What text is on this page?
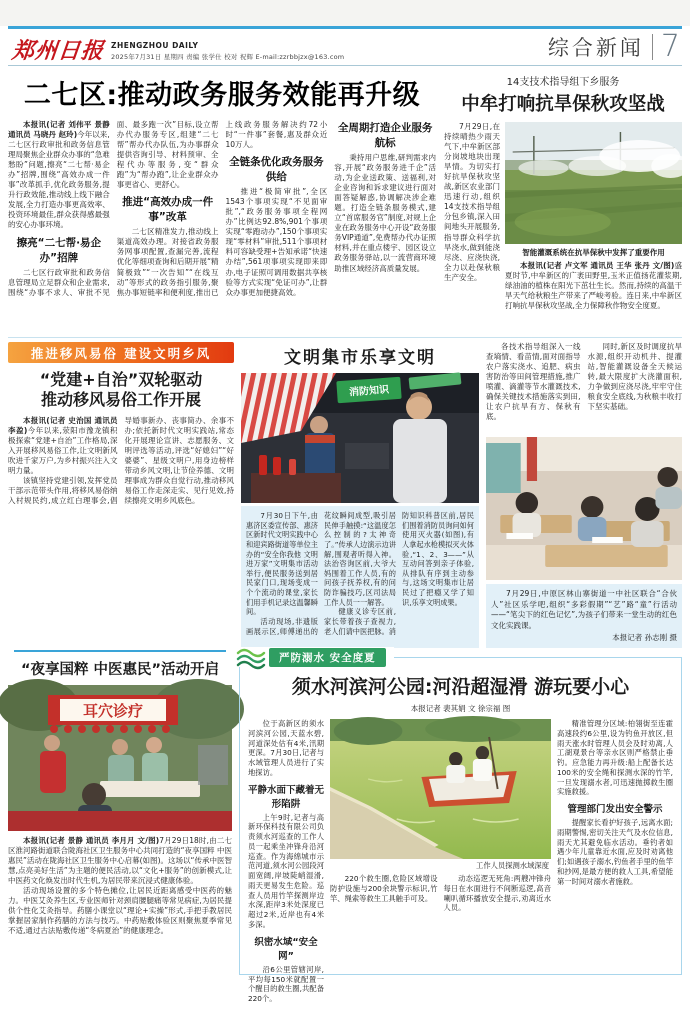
郑州日报 ZHENGZHOU DAILY
2025年7月31日 星期四 责编 张学仕 校对 祝辉 E-mail:zzrbbjzx@163.com	综合新闻 7
二七区:推动政务服务效能再升级

本报讯(记者 刘伟平 景静 通讯员 马晓丹 赵玲)今年以来,二七区行政审批和政务信息管理局聚焦企业群众办事的“急难愁盼”问题,擦亮“二七帮·易企办”招牌,围绕“高效办成一件事”改革抓手,优化政务服务,提升行政效能,推动线上线下融合发展,全力打造办事更高效率、投资环境最佳,群众获得感最强的安心办事环境。

擦亮“二七帮·易企办”招牌

二七区行政审批和政务信息管理局立足群众和企业需求,围绕“办事不求人、审批不见面、最多跑一次”目标,设立帮办代办服务专区,组建“二七帮”帮办代办队伍,为办事群众提供咨询引导、材料预审、全程代办等服务,变“群众跑”为“帮办跑”,让企业群众办事更省心、更舒心。

推进“高效办成一件事”改革

二七区精准发力,推动线上渠道高效办理。对接省政务服务网事项配置,查漏完善,流程优化等细项查询和后期开展“精简极致”“一次告知”“在线互动”等形式的政务指引服务,聚焦办事短链率和便利度,推出已上线政务服务解决约72小时“一件事”套餐,惠及群众近10万人。

全链条优化政务服务供给

推进“极简审批”,全区1543个事项实现“不见面审批”,“政务服务事项全程网办”比例达92.8%,901个事项实现“零跑动办”,150个事项实现“零材料”审批,511个事项材料可容缺受理+告知承诺“快速办结”,561项事项实现即来即办,电子证照可调用数据共享核验等方式实现“免证可办”,让群众办事更加便捷高效。

全周期打造企业服务航标

秉持用户思维,研判需求内容,开展“政务服务进千企”活动,为企业送政策、送福利,对企业咨询和诉求建议进行面对面答疑解惑,协调解决涉企难题。打造全链条服务模式,建立“首席服务官”制度,对规上企业在政务服务中心开设“政务服务VIP通道”,免费帮办代办证照材料,并在重点楼宇、园区设立政务服务驿站,以一流营商环境助推区域经济高质量发展。

14支技术指导组下乡服务
中牟打响抗旱保秋攻坚战

7月29日,在持续晴热少雨天气下,中牟新区部分岗坡地块出现旱情。为切实打好抗旱保秋攻坚战,新区农业部门迅速行动,组织14支技术指导组分包乡镇,深入田间地头开展服务,指导群众科学抗旱浇水,做到能浇尽浇、应浇快浇,全力以赴保秋粮生产安全。

智能灌溉系统在抗旱保秋中发挥了重要作用

本报讯(记者 卢文军 通讯员 王华 张丹 文/图)盛夏时节,中牟新区的广袤田野里,玉米正值扬花灌浆期,绿油油的植株在阳光下茁壮生长。然而,持续的高温干旱天气给秋粮生产带来了严峻考验。连日来,中牟新区打响抗旱保秋攻坚战,全力保障秋作物安全度夏。

推进移风易俗 建设文明乡风
“党建+自治”双轮驱动
推动移风易俗工作开展

本报讯(记者 史治国 通讯员 李盈)今年以来,荥阳市豫龙镇积极探索“党建+自治”工作格局,深入开展移风易俗工作,让文明新风吹进千家万户,为乡村振兴注入文明力量。

该镇坚持党建引领,发挥党员干部示范带头作用,将移风易俗纳入村规民约,成立红白理事会,倡导婚事新办、丧事简办、余事不办;依托新时代文明实践站,常态化开展理论宣讲、志愿服务、文明评选等活动,评选“好媳妇”“好婆婆”、星级文明户,用身边榜样带动乡风文明,让节俭养德、文明理事成为群众自觉行动,推动移风易俗工作走深走实、见行见效,持续擦亮文明乡风底色。

文明集市乐享文明
消防知识

7月30日下午,由惠济区委宣传部、惠济区新时代文明实践中心和迎宾路街道等单位主办的“安全你我他 文明进万家”文明集市活动举行,便民服务送到居民家门口,现场变成一个个流动的课堂,家长们用手机记录这温馨瞬间。

活动现场,非遗版画展示区,师傅递出的花纹瞬间成型,吸引居民伸手触摸:“这温度怎么控制的?太神奇了。”传承人边演示边讲解,围观者听得入神。法治咨询区前,大爷大妈围着工作人员,有的问孩子抚养权,有的问防诈骗技巧,区司法局工作人员一一解答。

健康义诊专区前,家长带着孩子查视力,老人们请中医把脉。消防知识科普区前,居民们围着消防员询问如何使用灭火器(如图),有人拿起水枪模拟灭火体验,“1、2、3——”从互动问答到亲子体验,从排队有序到主动参与,这场文明集市让居民过了把瘾又学了知识,乐享文明成果。

各技术指导组深入一线查墒情、看苗情,面对面指导农户落实浇水、追肥、病虫害防治等田间管理措施,推广喷灌、滴灌等节水灌溉技术,确保关键技术措施落实到田,让农户抗旱有方、保秋有底。

同时,新区及时调度抗旱水源,组织开动机井、提灌站,智能灌溉设备全天候运转,最大限度扩大浇灌面积,力争做到应浇尽浇,牢牢守住粮食安全底线,为秋粮丰收打下坚实基础。

7月29日,中原区林山寨街道一中社区联合“合伙人”社区乐学吧,组织“多彩假期”“艺”路“童”行活动——“笔尖下的红色记忆”,为孩子们带来一堂生动的红色文化实践课。

本报记者 孙志刚 摄
“夜享国粹 中医惠民”活动开启
耳穴诊疗

本报讯(记者 景静 通讯员 李月月 文/图)7月29日18时,由二七区淮河路街道联合陇海社区卫生服务中心共同打造的“夜享国粹 中医惠民”活动在陇海社区卫生服务中心启幕(如图)。这场以“传承中医智慧,点亮美好生活”为主题的便民活动,以“文化+服务”的创新模式,让中医药文化焕发出时代生机,为居民带来沉浸式健康体验。

活动现场设置的多个特色摊位,让居民近距离感受中医药的魅力。中医艾灸养生区,专业医师针对颈肩腰腿痛等常见病症,为居民提供个性化艾灸指导。药膳小课堂以“理论+实操”形式,手把手教居民掌握居家制作药膳的方法与技巧。中药贴敷体验区则聚焦夏季常见不适,通过古法贴敷传递“冬病夏治”的健康理念。

严防溺水 安全度夏
须水河滨河公园:河沿超湿滑 游玩要小心
本报记者 裴其娟 文 徐宗福 图

位于高新区的须水河滨河公园,天蓝水碧,河道深处估有4米,汛期更深。7月30日,记者与水域管理人员进行了实地探访。

平静水面下藏着无形陷阱

上午9时,记者与高新环保科技有限公司负责须水河巡查的工作人员一起乘坐冲锋舟沿河巡查。作为海绵城市示范河道,须水河公园段河面宽阔,岸坡陡峭湿滑,雨天更易发生危险。巡查人员用竹竿探测岸边水深,距岸3米处深度已超过2米,近岸也有4米多深。

织密水域“安全网”

沿6公里管辖河岸,平均每150米就配置一个醒目的救生圈,共配备220个。

工作人员探测水域深度

220个救生圈,危险区域增设防护设施与200余块警示标识,竹竿、绳索等救生工具触手可及。

动态巡逻无死角:两艘冲锋舟每日在水面进行不间断巡逻,高音喇叭循环播放安全提示,劝离近水人员。

精准管理分区域:柏翎街至连霍高速段约6公里,设为钓鱼开放区,但雨天涨水时管理人员会及时劝离,人工湖观景台等亲水区则严格禁止垂钓。应急能力再升级:船上配备长达100米的安全绳和探测水深的竹竿,一旦发现溺水者,可迅速抛掷救生圈实施救援。

管理部门发出安全警示

提醒家长看护好孩子,远离水面;雨期警惕,密切关注天气及水位信息,雨天尤其避免临水活动。垂钓者如遇少年儿童靠近水面,应及时劝离他们;如遇孩子溺水,钓鱼者手里的鱼竿和抄网,是最方便的救人工具,希望能第一时间对溺水者施救。
